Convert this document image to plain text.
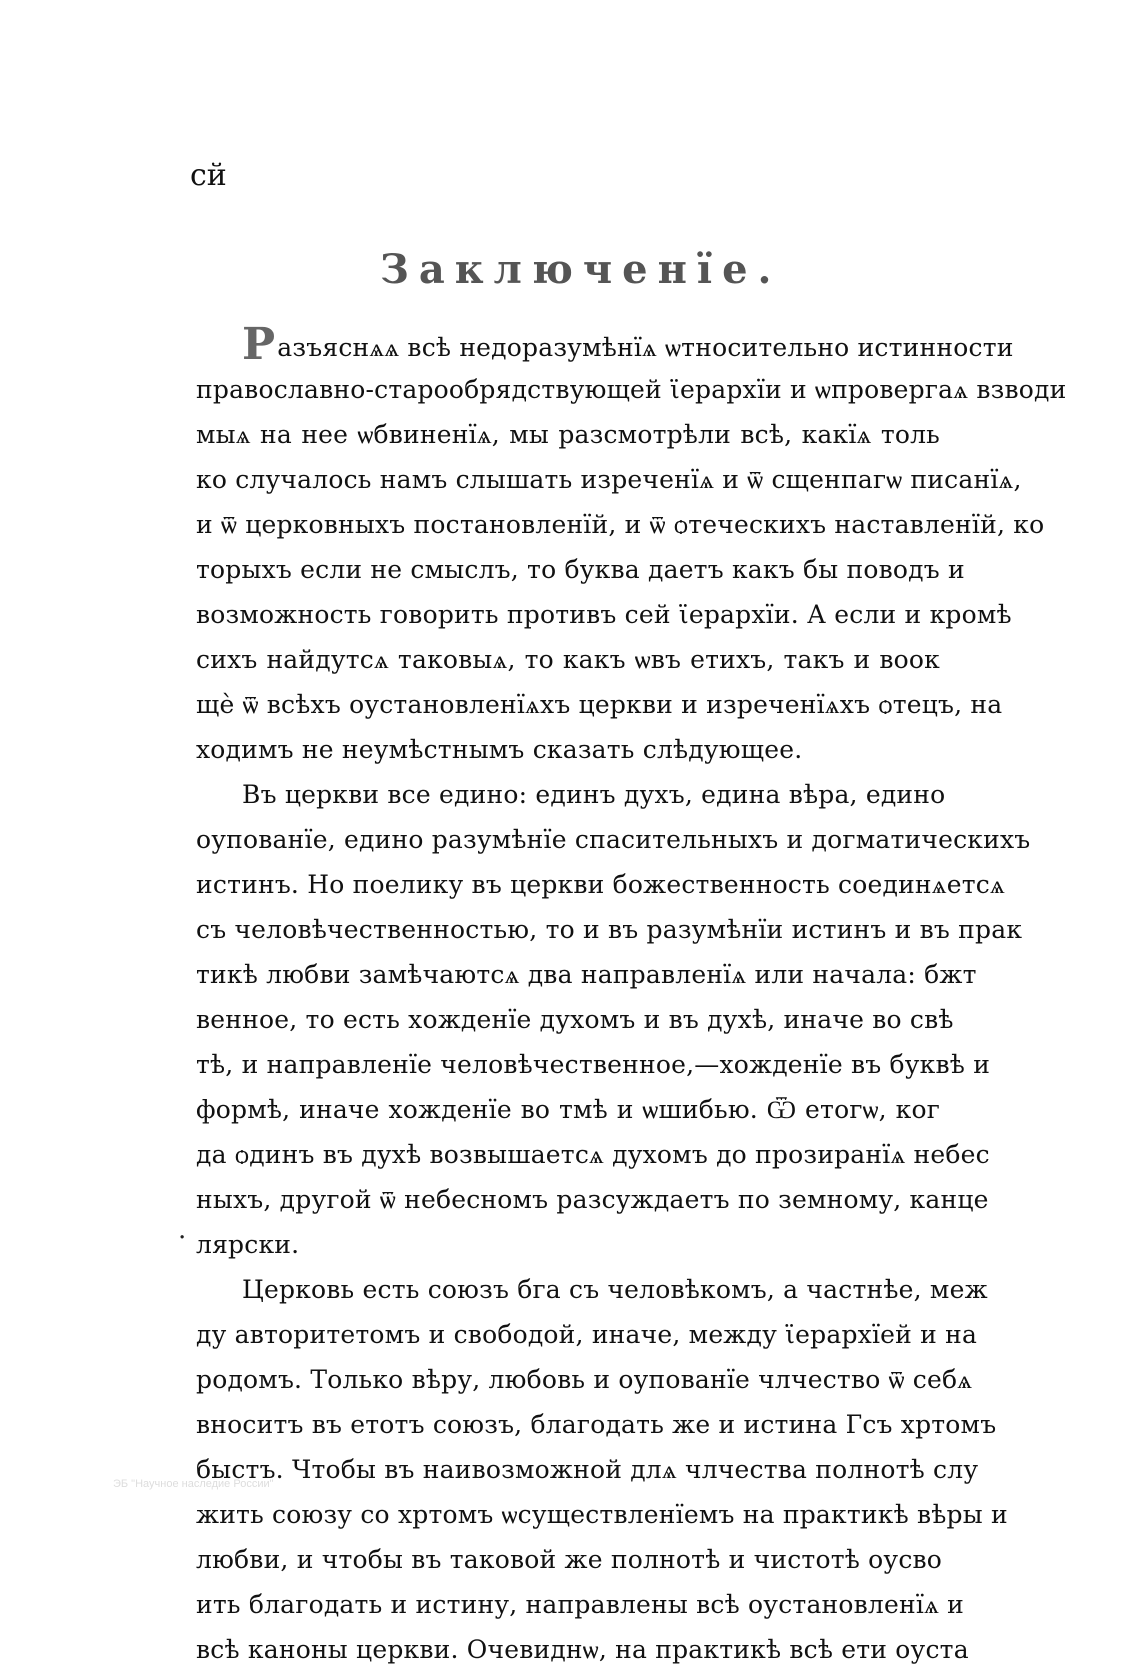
сй
Заключенїе.
Разъяснѧѧ всѣ недоразумѣнїѧ ѡтносительно истинности
православно-старообрядствующей ϊерархїи и ѡпровергаѧ взводи
мыѧ на нее ѡбвиненїѧ, мы разсмотрѣли всѣ, какїѧ толь
ко случалось намъ слышать изреченїѧ и ѿ сщенпагѡ писанїѧ,
и ѿ церковныхъ постановленїй, и ѿ ѻтеческихъ наставленїй, ко
торыхъ если не смыслъ, то буква даетъ какъ бы поводъ и
возможность говорить противъ сей ϊерархїи. А если и кромѣ
сихъ найдутсѧ таковыѧ, то какъ ѡвъ етихъ, такъ и воок
щѐ ѿ всѣхъ оустановленїѧхъ церкви и изреченїѧхъ ѻтецъ, на
ходимъ не неумѣстнымъ сказать слѣдующее.
Въ церкви все едино: единъ духъ, едина вѣра, едино
оупованїе, едино разумѣнїе спасительныхъ и догматическихъ
истинъ. Но поелику въ церкви божественность соединѧетсѧ
съ человѣчественностью, то и въ разумѣнїи истинъ и въ прак
тикѣ любви замѣчаютсѧ два направленїѧ или начала: бжт
венное, то есть хожденїе духомъ и въ духѣ, иначе во свѣ
тѣ, и направленїе человѣчественное,—хожденїе въ буквѣ и
формѣ, иначе хожденїе во тмѣ и ѡшибью. Ѿ етогѡ, ког
да ѻдинъ въ духѣ возвышаетсѧ духомъ до прозиранїѧ небес
ныхъ, другой ѿ небесномъ разсуждаетъ по земному, канце
лярски.
Церковь есть союзъ бга съ человѣкомъ, а частнѣе, меж
ду авторитетомъ и свободой, иначе, между ϊерархїей и на
родомъ. Только вѣру, любовь и оупованїе члчество ѿ себѧ
вноситъ въ етотъ союзъ, благодать же и истина Гсъ хртомъ
быстъ. Чтобы въ наивозможной длѧ члчества полнотѣ слу
жить союзу со хртомъ ѡсуществленїемъ на практикѣ вѣры и
любви, и чтобы въ таковой же полнотѣ и чистотѣ оусво
ить благодать и истину, направлены всѣ оустановленїѧ и
всѣ каноны церкви. Очевиднѡ, на практикѣ всѣ ети оуста
.
ЭБ "Научное наследие России"
